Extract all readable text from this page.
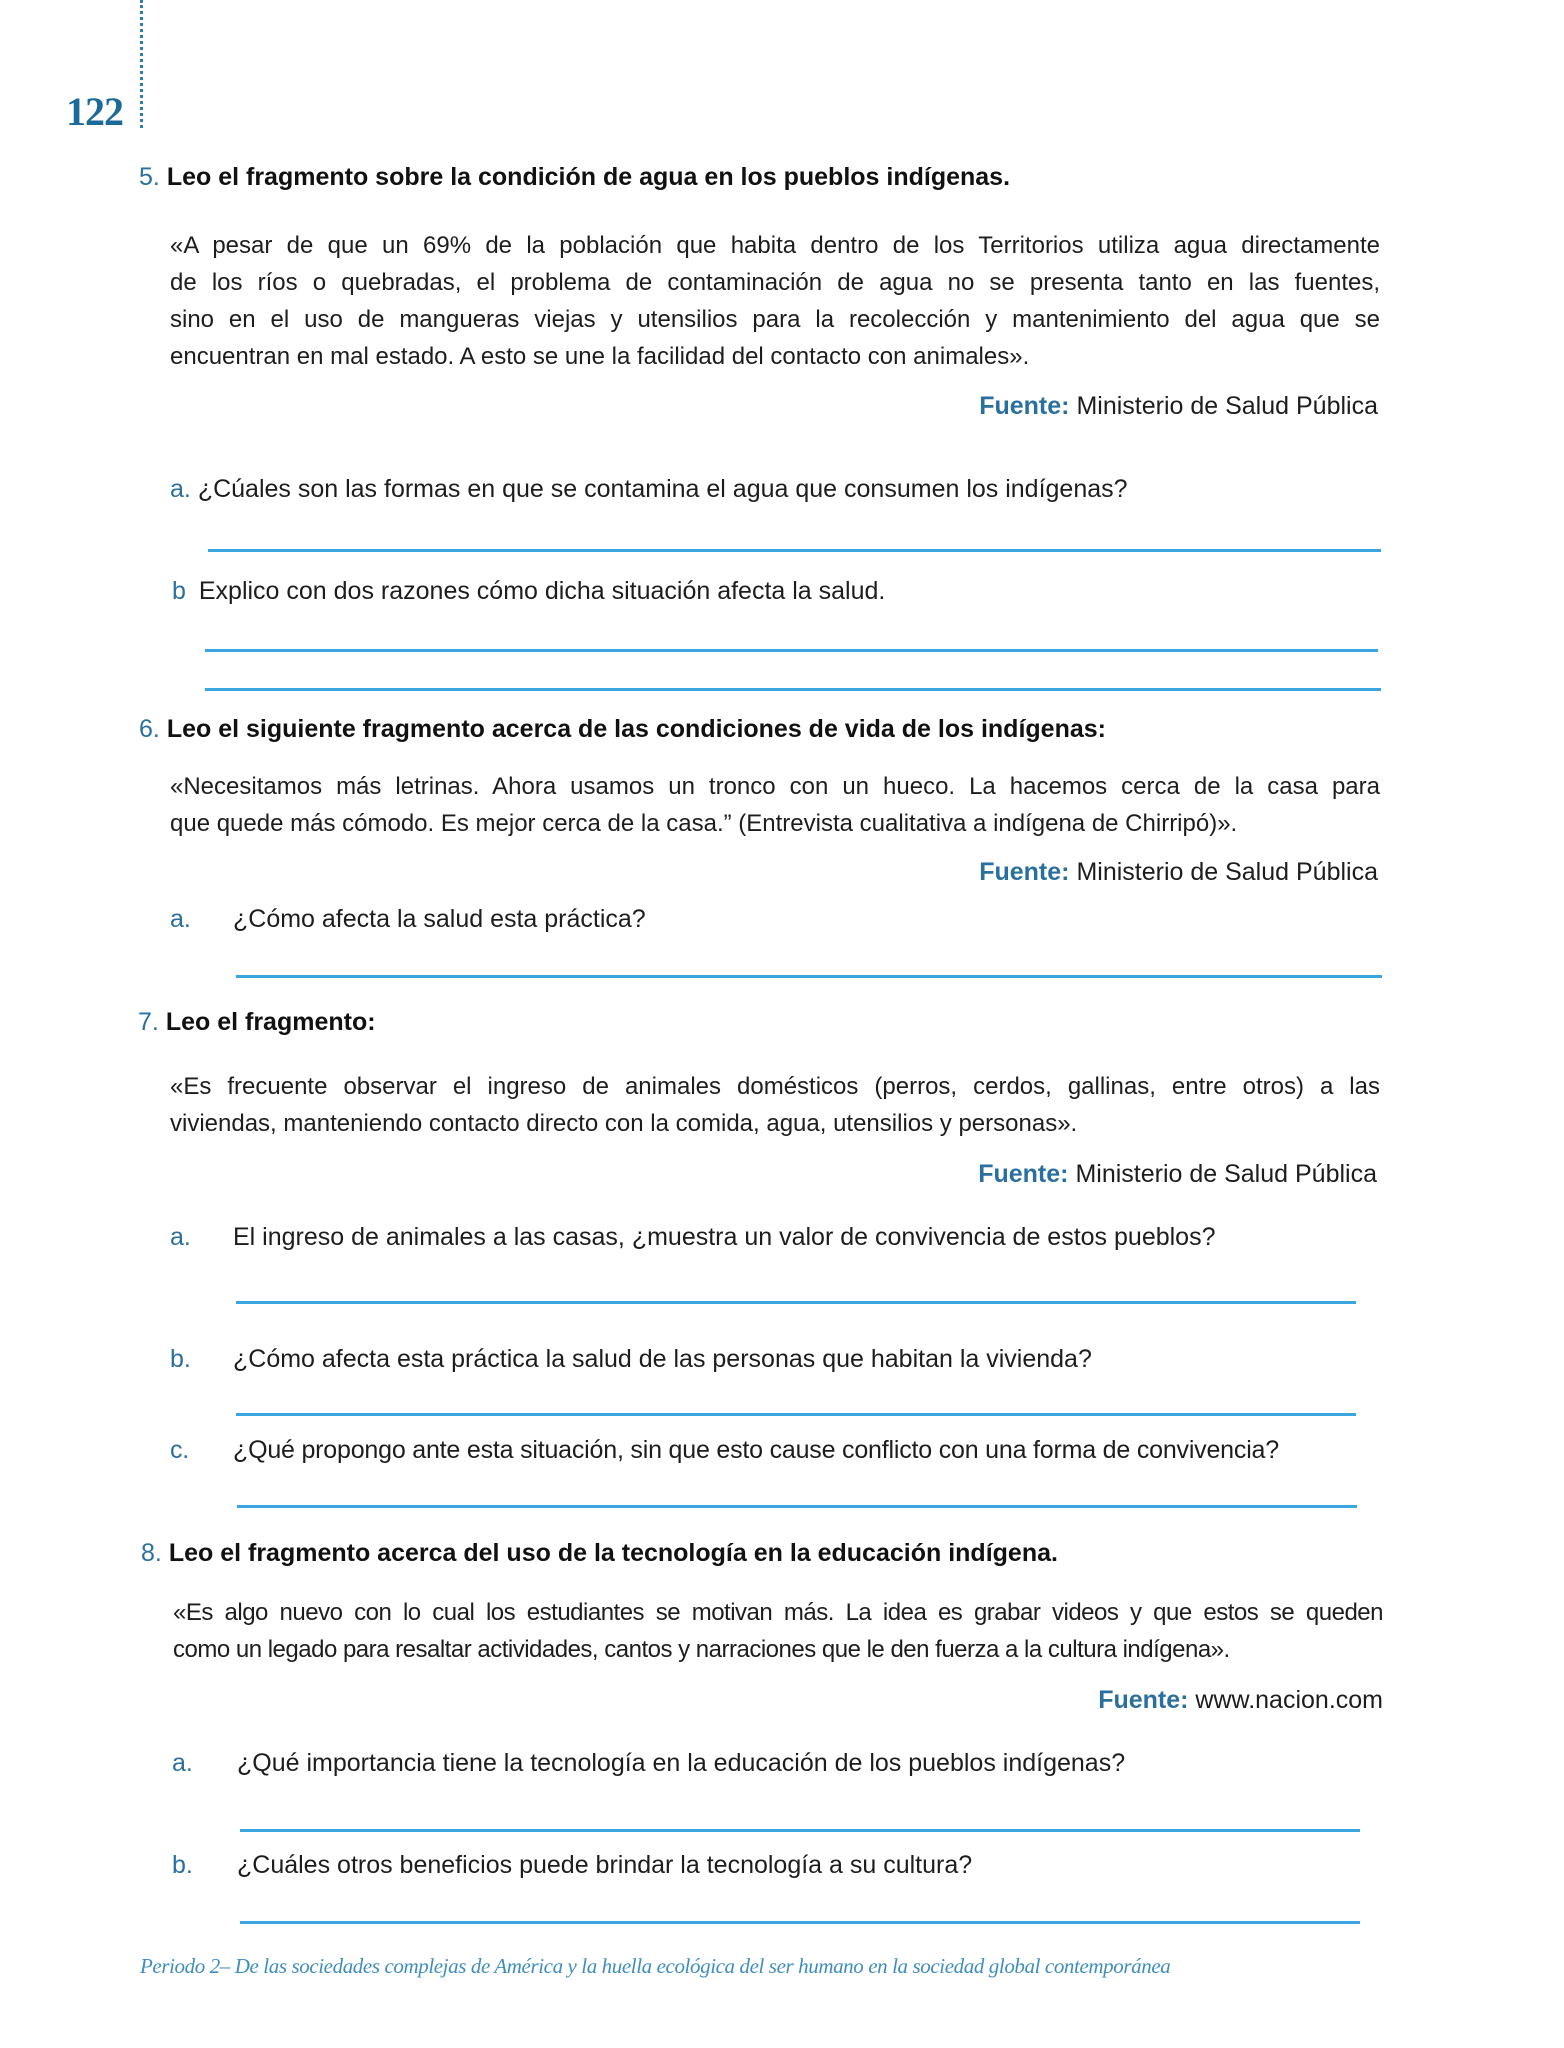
122
5. Leo el fragmento sobre la condición de agua en los pueblos indígenas.
«A pesar de que un 69% de la población que habita dentro de los Territorios utiliza agua directamente
de los ríos o quebradas, el problema de contaminación de agua no se presenta tanto en las fuentes,
sino en el uso de mangueras viejas y utensilios para la recolección y mantenimiento del agua que se
encuentran en mal estado. A esto se une la facilidad del contacto con animales».
Fuente: Ministerio de Salud Pública
a. ¿Cúales son las formas en que se contamina el agua que consumen los indígenas?
b Explico con dos razones cómo dicha situación afecta la salud.
6. Leo el siguiente fragmento acerca de las condiciones de vida de los indígenas:
«Necesitamos más letrinas. Ahora usamos un tronco con un hueco. La hacemos cerca de la casa para
que quede más cómodo. Es mejor cerca de la casa.” (Entrevista cualitativa a indígena de Chirripó)».
Fuente: Ministerio de Salud Pública
a. ¿Cómo afecta la salud esta práctica?
7. Leo el fragmento:
«Es frecuente observar el ingreso de animales domésticos (perros, cerdos, gallinas, entre otros) a las
viviendas, manteniendo contacto directo con la comida, agua, utensilios y personas».
Fuente: Ministerio de Salud Pública
a. El ingreso de animales a las casas, ¿muestra un valor de convivencia de estos pueblos?
b. ¿Cómo afecta esta práctica la salud de las personas que habitan la vivienda?
c. ¿Qué propongo ante esta situación, sin que esto cause conflicto con una forma de convivencia?
8. Leo el fragmento acerca del uso de la tecnología en la educación indígena.
«Es algo nuevo con lo cual los estudiantes se motivan más. La idea es grabar videos y que estos se queden
como un legado para resaltar actividades, cantos y narraciones que le den fuerza a la cultura indígena».
Fuente: www.nacion.com
a. ¿Qué importancia tiene la tecnología en la educación de los pueblos indígenas?
b. ¿Cuáles otros beneficios puede brindar la tecnología a su cultura?
Periodo 2– De las sociedades complejas de América y la huella ecológica del ser humano en la sociedad global contemporánea
